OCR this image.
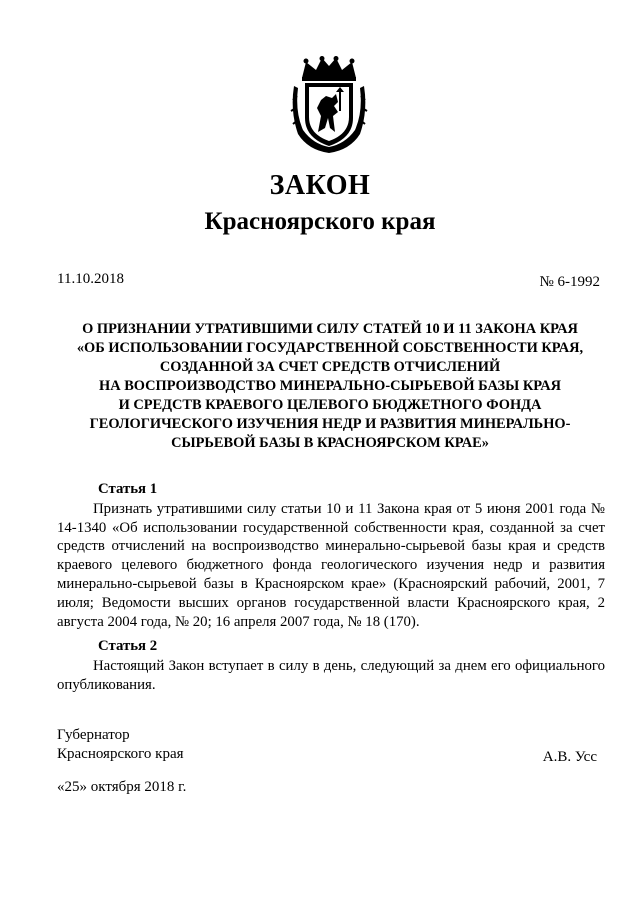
ЗАКОН
Красноярского края
11.10.2018	№ 6-1992
О ПРИЗНАНИИ УТРАТИВШИМИ СИЛУ СТАТЕЙ 10 И 11 ЗАКОНА КРАЯ
«ОБ ИСПОЛЬЗОВАНИИ ГОСУДАРСТВЕННОЙ СОБСТВЕННОСТИ КРАЯ,
СОЗДАННОЙ ЗА СЧЕТ СРЕДСТВ ОТЧИСЛЕНИЙ
НА ВОСПРОИЗВОДСТВО МИНЕРАЛЬНО-СЫРЬЕВОЙ БАЗЫ КРАЯ
И СРЕДСТВ КРАЕВОГО ЦЕЛЕВОГО БЮДЖЕТНОГО ФОНДА
ГЕОЛОГИЧЕСКОГО ИЗУЧЕНИЯ НЕДР И РАЗВИТИЯ МИНЕРАЛЬНО-
СЫРЬЕВОЙ БАЗЫ В КРАСНОЯРСКОМ КРАЕ»
Статья 1
Признать утратившими силу статьи 10 и 11 Закона края от 5 июня 2001 года № 14-1340 «Об использовании государственной собственности края, созданной за счет средств отчислений на воспроизводство минерально-сырьевой базы края и средств краевого целевого бюджетного фонда геологического изучения недр и развития минерально-сырьевой базы в Красноярском крае» (Красноярский рабочий, 2001, 7 июля; Ведомости высших органов государственной власти Красноярского края, 2 августа 2004 года, № 20; 16 апреля 2007 года, № 18 (170).
Статья 2
Настоящий Закон вступает в силу в день, следующий за днем его официального опубликования.
Губернатор
Красноярского края	А.В. Усс
«25» октября 2018 г.
